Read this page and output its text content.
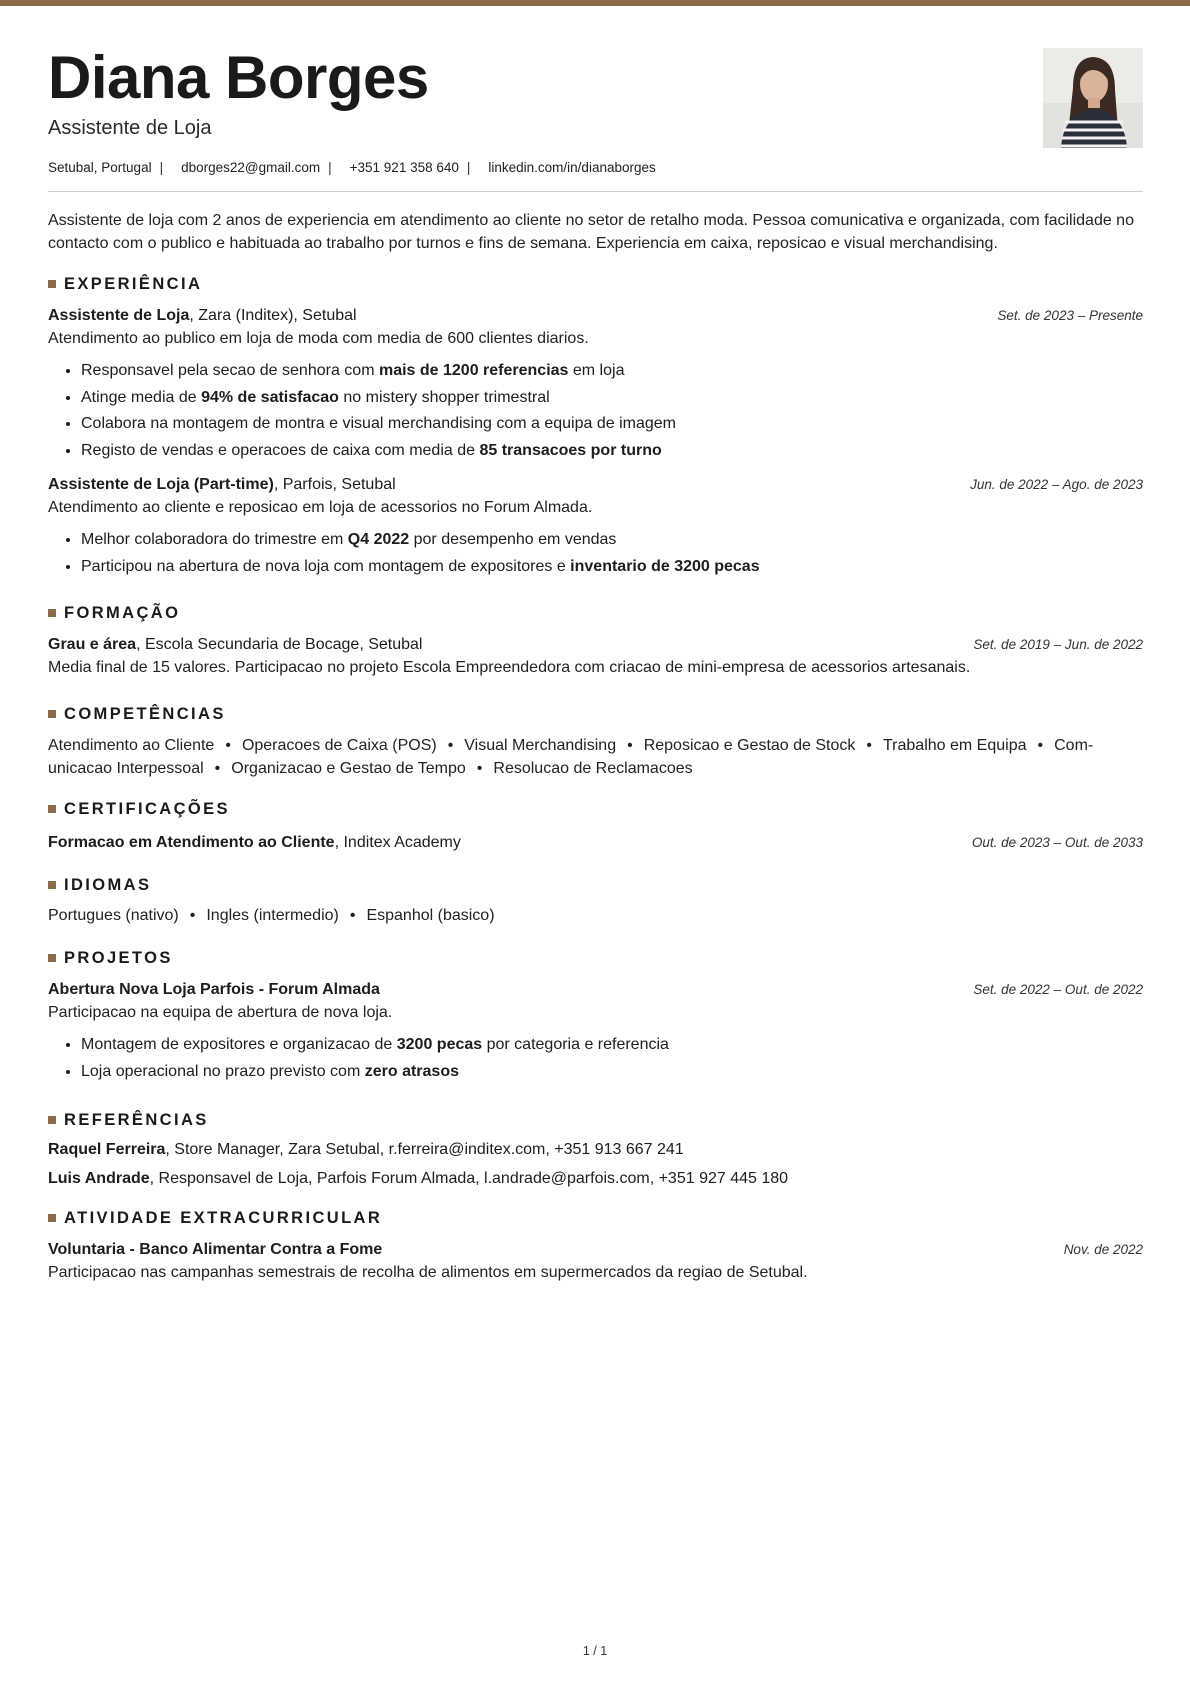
Diana Borges
Assistente de Loja
Setubal, Portugal | dborges22@gmail.com | +351 921 358 640 | linkedin.com/in/dianaborges
Assistente de loja com 2 anos de experiencia em atendimento ao cliente no setor de retalho moda. Pessoa comunicativa e organizada, com facilidade no contacto com o publico e habituada ao trabalho por turnos e fins de semana. Experiencia em caixa, reposicao e visual merchandising.
EXPERIÊNCIA
Assistente de Loja, Zara (Inditex), Setubal	Set. de 2023 – Presente
Atendimento ao publico em loja de moda com media de 600 clientes diarios.
• Responsavel pela secao de senhora com mais de 1200 referencias em loja
• Atinge media de 94% de satisfacao no mistery shopper trimestral
• Colabora na montagem de montra e visual merchandising com a equipa de imagem
• Registo de vendas e operacoes de caixa com media de 85 transacoes por turno
Assistente de Loja (Part-time), Parfois, Setubal	Jun. de 2022 – Ago. de 2023
Atendimento ao cliente e reposicao em loja de acessorios no Forum Almada.
• Melhor colaboradora do trimestre em Q4 2022 por desempenho em vendas
• Participou na abertura de nova loja com montagem de expositores e inventario de 3200 pecas
FORMAÇÃO
Grau e área, Escola Secundaria de Bocage, Setubal	Set. de 2019 – Jun. de 2022
Media final de 15 valores. Participacao no projeto Escola Empreendedora com criacao de mini-empresa de acessorios artesanais.
COMPETÊNCIAS
Atendimento ao Cliente • Operacoes de Caixa (POS) • Visual Merchandising • Reposicao e Gestao de Stock • Trabalho em Equipa • Com-
unicacao Interpessoal • Organizacao e Gestao de Tempo • Resolucao de Reclamacoes
CERTIFICAÇÕES
Formacao em Atendimento ao Cliente, Inditex Academy	Out. de 2023 – Out. de 2033
IDIOMAS
Portugues (nativo) • Ingles (intermedio) • Espanhol (basico)
PROJETOS
Abertura Nova Loja Parfois - Forum Almada	Set. de 2022 – Out. de 2022
Participacao na equipa de abertura de nova loja.
• Montagem de expositores e organizacao de 3200 pecas por categoria e referencia
• Loja operacional no prazo previsto com zero atrasos
REFERÊNCIAS
Raquel Ferreira, Store Manager, Zara Setubal, r.ferreira@inditex.com, +351 913 667 241
Luis Andrade, Responsavel de Loja, Parfois Forum Almada, l.andrade@parfois.com, +351 927 445 180
ATIVIDADE EXTRACURRICULAR
Voluntaria - Banco Alimentar Contra a Fome	Nov. de 2022
Participacao nas campanhas semestrais de recolha de alimentos em supermercados da regiao de Setubal.
1 / 1
